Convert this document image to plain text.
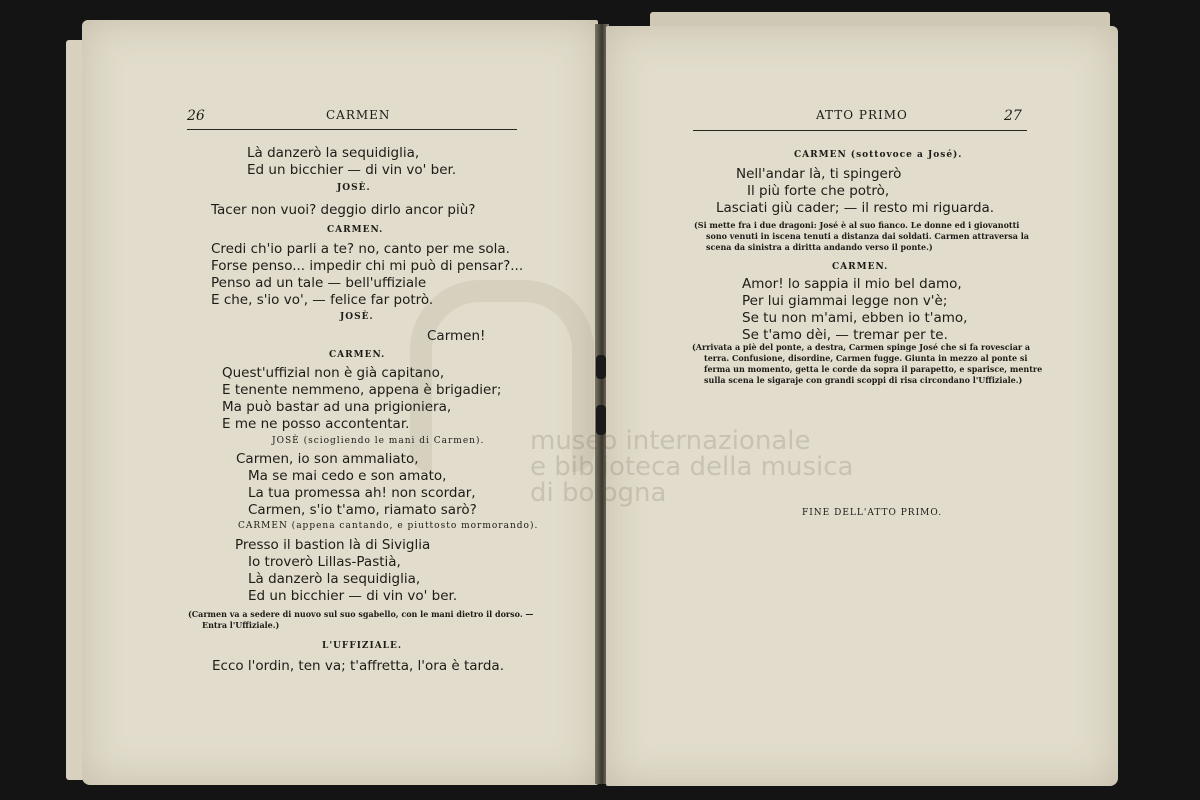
26	CARMEN
Là danzerò la sequidiglia,
Ed un bicchier — di vin vo' ber.
JOSÈ.
Tacer non vuoi? deggio dirlo ancor più?
CARMEN.
Credi ch'io parli a te? no, canto per me sola.
Forse penso... impedir chi mi può di pensar?...
Penso ad un tale — bell'uffiziale
E che, s'io vo', — felice far potrò.
JOSÈ.
Carmen!
CARMEN.
Quest'uffizial non è già capitano,
E tenente nemmeno, appena è brigadier;
Ma può bastar ad una prigioniera,
E me ne posso accontentar.
JOSÈ (sciogliendo le mani di Carmen).
Carmen, io son ammaliato,
Ma se mai cedo e son amato,
La tua promessa ah! non scordar,
Carmen, s'io t'amo, riamato sarò?
CARMEN (appena cantando, e piuttosto mormorando).
Presso il bastion là di Siviglia
Io troverò Lillas-Pastià,
Là danzerò la sequidiglia,
Ed un bicchier — di vin vo' ber.
(Carmen va a sedere di nuovo sul suo sgabello, con le mani dietro il dorso. —
Entra l'Uffiziale.)
L'UFFIZIALE.
Ecco l'ordin, ten va; t'affretta, l'ora è tarda.
ATTO PRIMO	27
CARMEN (sottovoce a José).
Nell'andar là, ti spingerò
Il più forte che potrò,
Lasciati giù cader; — il resto mi riguarda.
(Si mette fra i due dragoni: José è al suo fianco. Le donne ed i giovanotti
sono venuti in iscena tenuti a distanza dai soldati. Carmen attraversa la
scena da sinistra a diritta andando verso il ponte.)
CARMEN.
Amor! lo sappia il mio bel damo,
Per lui giammai legge non v'è;
Se tu non m'ami, ebben io t'amo,
Se t'amo dèi, — tremar per te.
(Arrivata a piè del ponte, a destra, Carmen spinge José che si fa rovesciar a
terra. Confusione, disordine, Carmen fugge. Giunta in mezzo al ponte si
ferma un momento, getta le corde da sopra il parapetto, e sparisce, mentre
sulla scena le sigaraje con grandi scoppi di risa circondano l'Uffiziale.)
FINE DELL'ATTO PRIMO.
museo internazionale
e biblioteca della musica
di bologna
